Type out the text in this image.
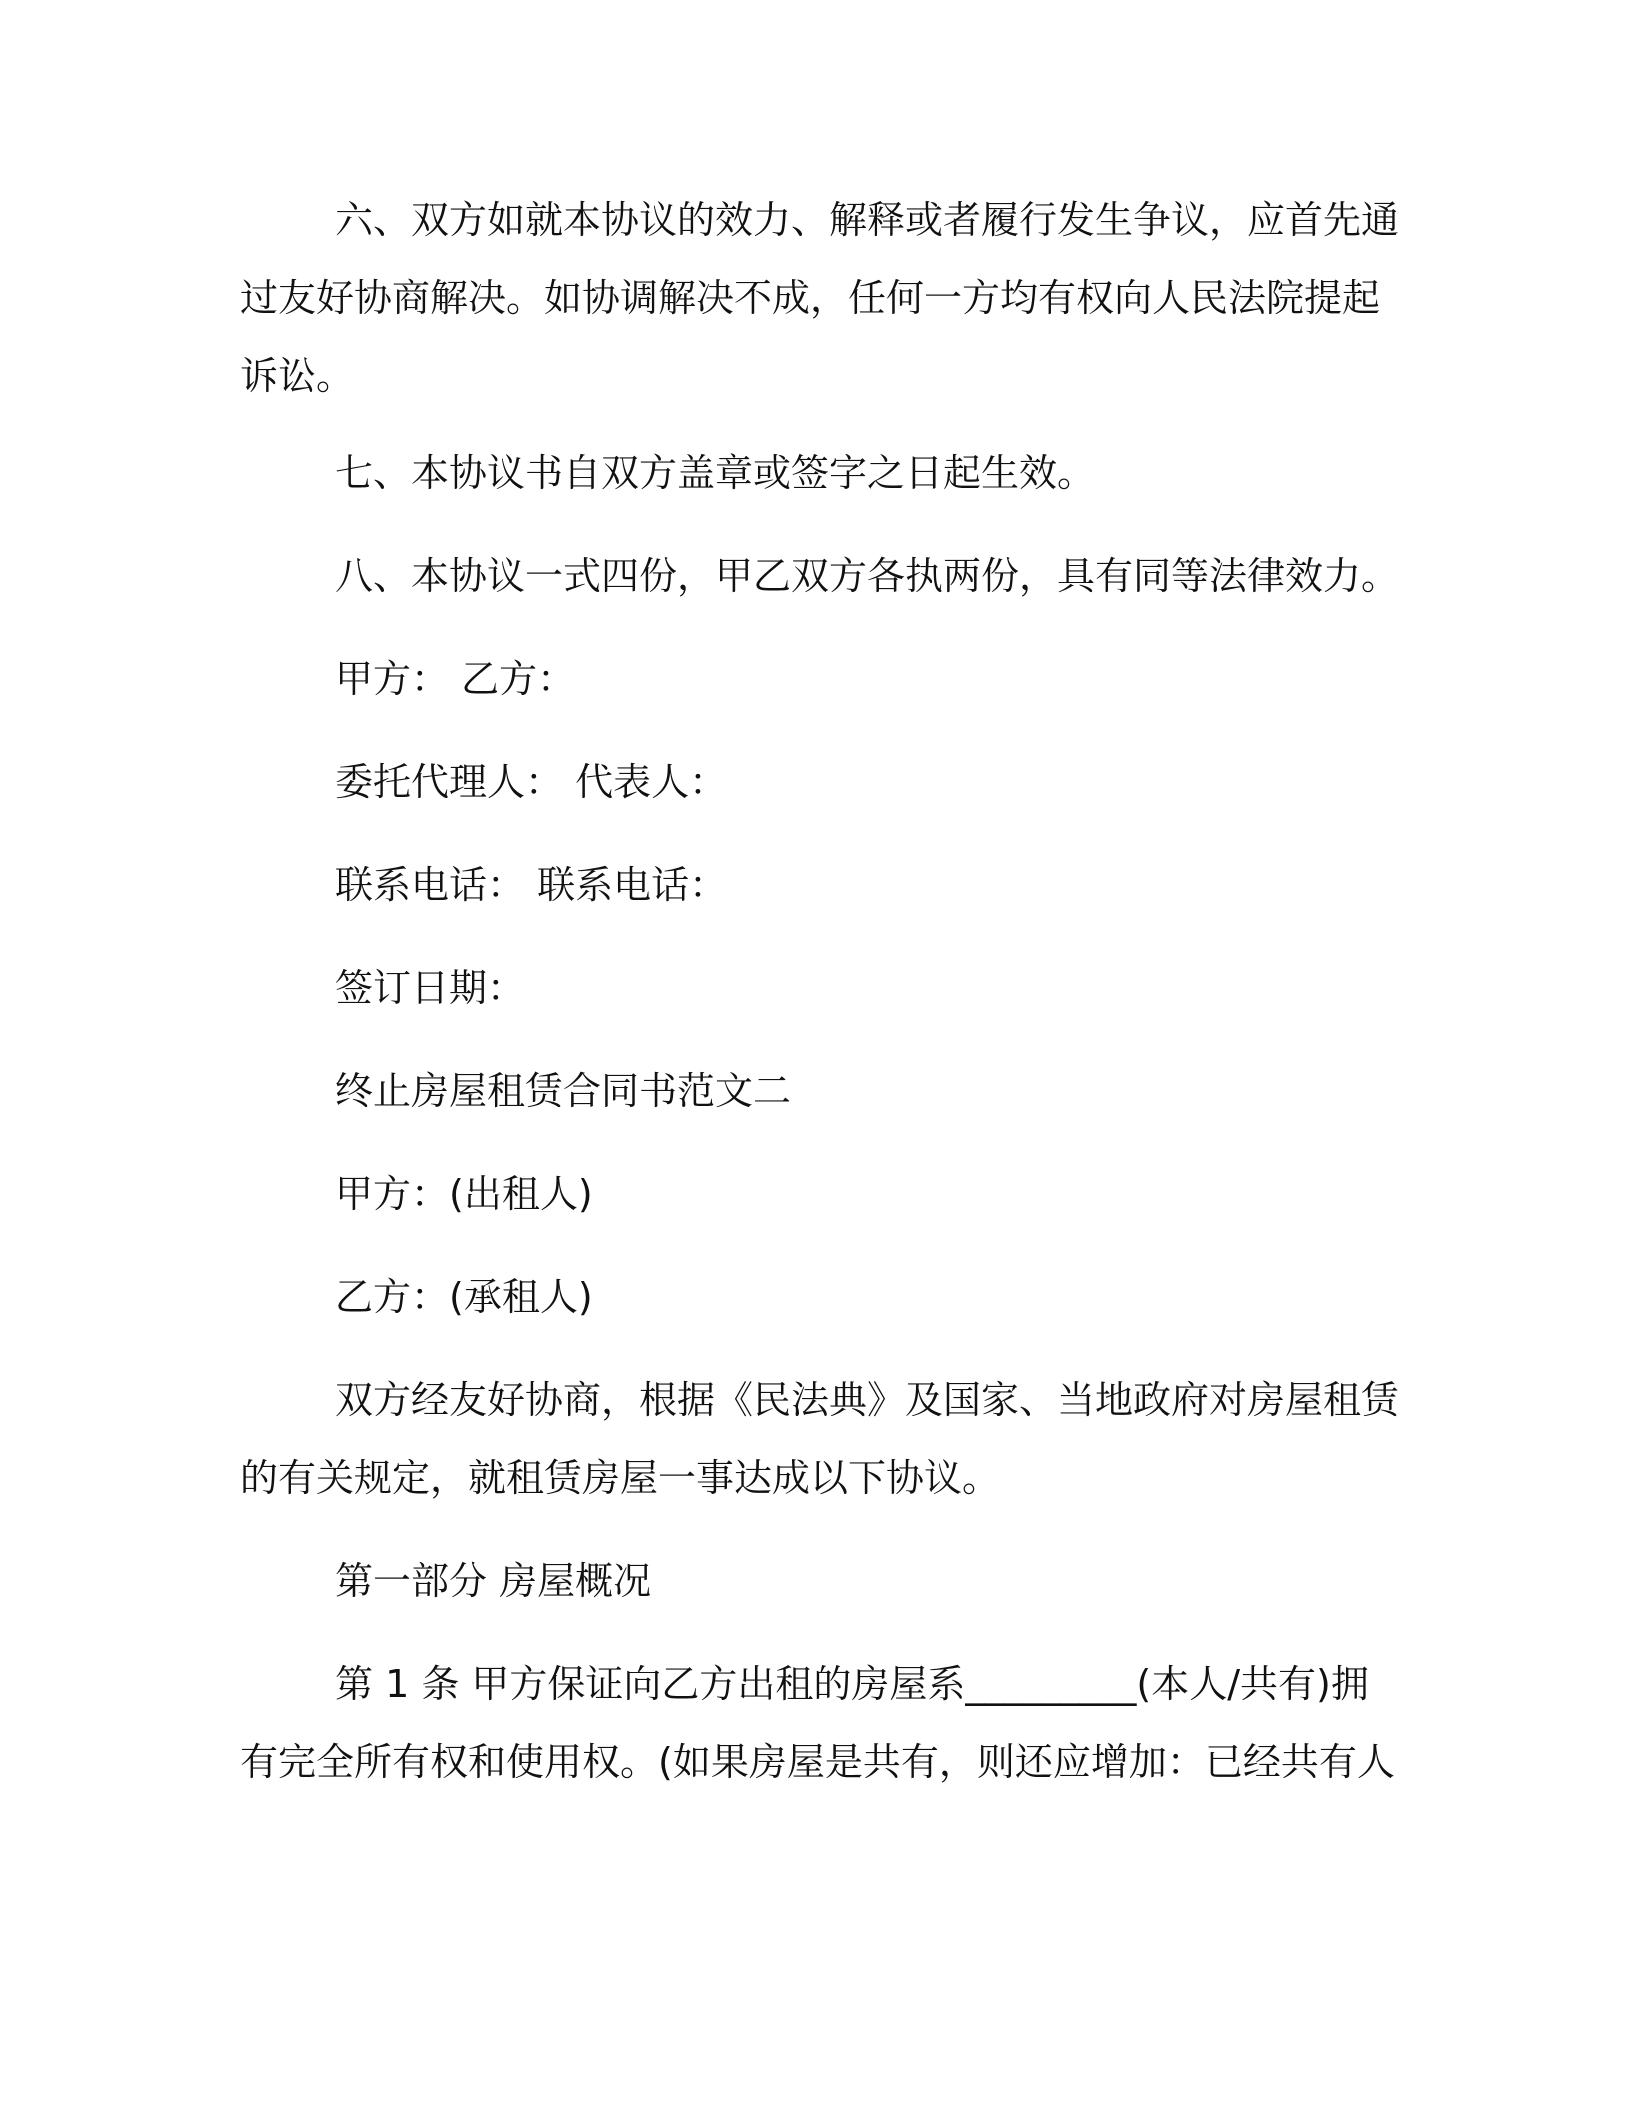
六、双方如就本协议的效力、解释或者履行发生争议，应首先通
过友好协商解决。如协调解决不成，任何一方均有权向人民法院提起
诉讼。

七、本协议书自双方盖章或签字之日起生效。

八、本协议一式四份，甲乙双方各执两份，具有同等法律效力。

甲方： 乙方：

委托代理人： 代表人：

联系电话： 联系电话：

签订日期：

终止房屋租赁合同书范文二

甲方：(出租人)

乙方：(承租人)

双方经友好协商，根据《民法典》及国家、当地政府对房屋租赁
的有关规定，就租赁房屋一事达成以下协议。

第一部分 房屋概况

第 1 条 甲方保证向乙方出租的房屋系_________(本人/共有)拥
有完全所有权和使用权。(如果房屋是共有，则还应增加：已经共有人
